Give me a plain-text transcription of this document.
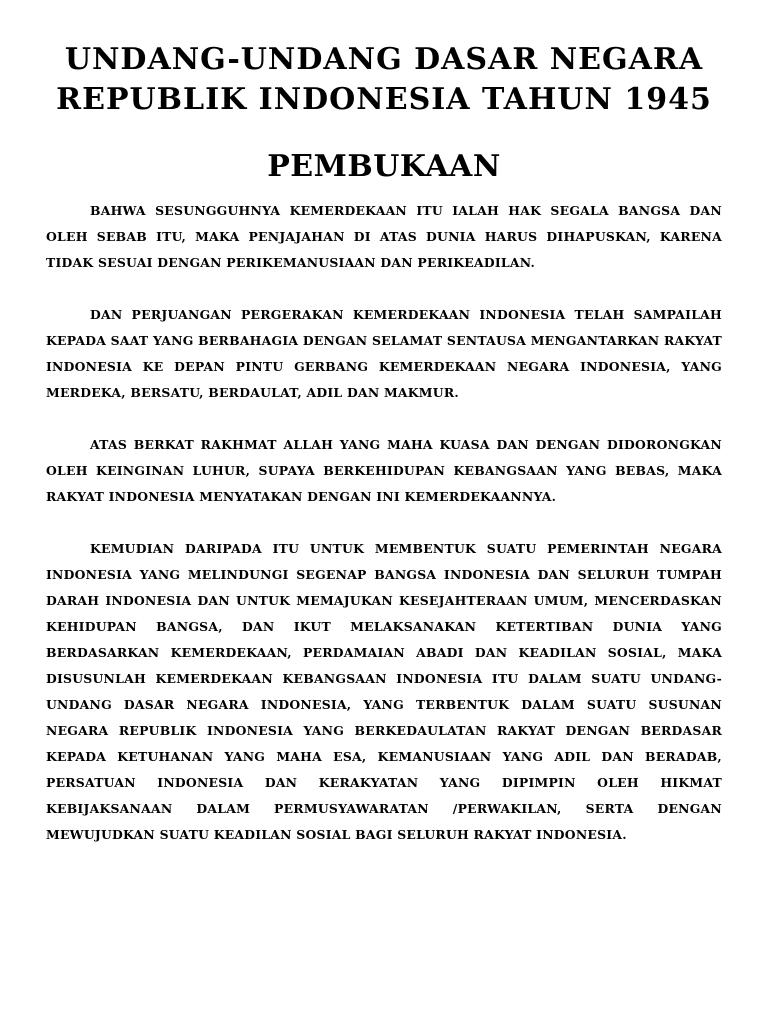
UNDANG-UNDANG DASAR NEGARA
REPUBLIK INDONESIA TAHUN 1945
PEMBUKAAN

BAHWA SESUNGGUHNYA KEMERDEKAAN ITU IALAH HAK SEGALA BANGSA DAN OLEH SEBAB ITU, MAKA PENJAJAHAN DI ATAS DUNIA HARUS DIHAPUSKAN, KARENA TIDAK SESUAI DENGAN PERIKEMANUSIAAN DAN PERIKEADILAN.

DAN PERJUANGAN PERGERAKAN KEMERDEKAAN INDONESIA TELAH SAMPAILAH KEPADA SAAT YANG BERBAHAGIA DENGAN SELAMAT SENTAUSA MENGANTARKAN RAKYAT INDONESIA KE DEPAN PINTU GERBANG KEMERDEKAAN NEGARA INDONESIA, YANG MERDEKA, BERSATU, BERDAULAT, ADIL DAN MAKMUR.

ATAS BERKAT RAKHMAT ALLAH YANG MAHA KUASA DAN DENGAN DIDORONGKAN OLEH KEINGINAN LUHUR, SUPAYA BERKEHIDUPAN KEBANGSAAN YANG BEBAS, MAKA RAKYAT INDONESIA MENYATAKAN DENGAN INI KEMERDEKAANNYA.

KEMUDIAN DARIPADA ITU UNTUK MEMBENTUK SUATU PEMERINTAH NEGARA INDONESIA YANG MELINDUNGI SEGENAP BANGSA INDONESIA DAN SELURUH TUMPAH DARAH INDONESIA DAN UNTUK MEMAJUKAN KESEJAHTERAAN UMUM, MENCERDASKAN KEHIDUPAN BANGSA, DAN IKUT MELAKSANAKAN KETERTIBAN DUNIA YANG BERDASARKAN KEMERDEKAAN, PERDAMAIAN ABADI DAN KEADILAN SOSIAL, MAKA DISUSUNLAH KEMERDEKAAN KEBANGSAAN INDONESIA ITU DALAM SUATU UNDANG-UNDANG DASAR NEGARA INDONESIA, YANG TERBENTUK DALAM SUATU SUSUNAN NEGARA REPUBLIK INDONESIA YANG BERKEDAULATAN RAKYAT DENGAN BERDASAR KEPADA KETUHANAN YANG MAHA ESA, KEMANUSIAAN YANG ADIL DAN BERADAB, PERSATUAN INDONESIA DAN KERAKYATAN YANG DIPIMPIN OLEH HIKMAT KEBIJAKSANAAN DALAM PERMUSYAWARATAN /PERWAKILAN, SERTA DENGAN MEWUJUDKAN SUATU KEADILAN SOSIAL BAGI SELURUH RAKYAT INDONESIA.
